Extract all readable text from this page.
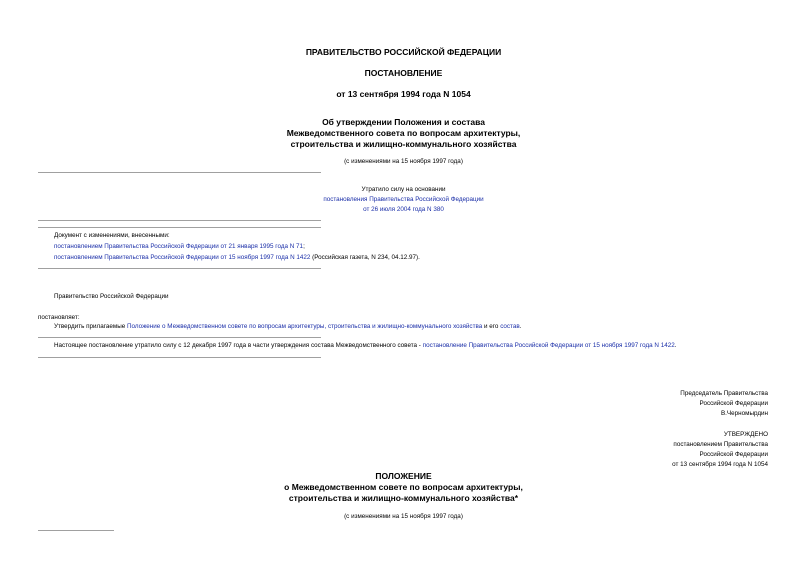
ПРАВИТЕЛЬСТВО РОССИЙСКОЙ ФЕДЕРАЦИИ
ПОСТАНОВЛЕНИЕ
от 13 сентября 1994 года N 1054
Об утверждении Положения и состава
Межведомственного совета по вопросам архитектуры,
строительства и жилищно-коммунального хозяйства
(с изменениями на 15 ноября 1997 года)
Утратило силу на основании
постановления Правительства Российской Федерации
от 26 июля 2004 года N 380
Документ с изменениями, внесенными:
постановлением Правительства Российской Федерации от 21 января 1995 года N 71;
постановлением Правительства Российской Федерации от 15 ноября 1997 года N 1422 (Российская газета, N 234, 04.12.97).
Правительство Российской Федерации
постановляет:
Утвердить прилагаемые Положение о Межведомственном совете по вопросам архитектуры, строительства и жилищно-коммунального хозяйства и его состав.
Настоящее постановление утратило силу с 12 декабря 1997 года в части утверждения состава Межведомственного совета - постановление Правительства Российской Федерации от 15 ноября 1997 года N 1422.
Председатель Правительства
Российской Федерации
В.Черномырдин
УТВЕРЖДЕНО
постановлением Правительства
Российской Федерации
от 13 сентября 1994 года N 1054
ПОЛОЖЕНИЕ
о Межведомственном совете по вопросам архитектуры,
строительства и жилищно-коммунального хозяйства*
(с изменениями на 15 ноября 1997 года)
